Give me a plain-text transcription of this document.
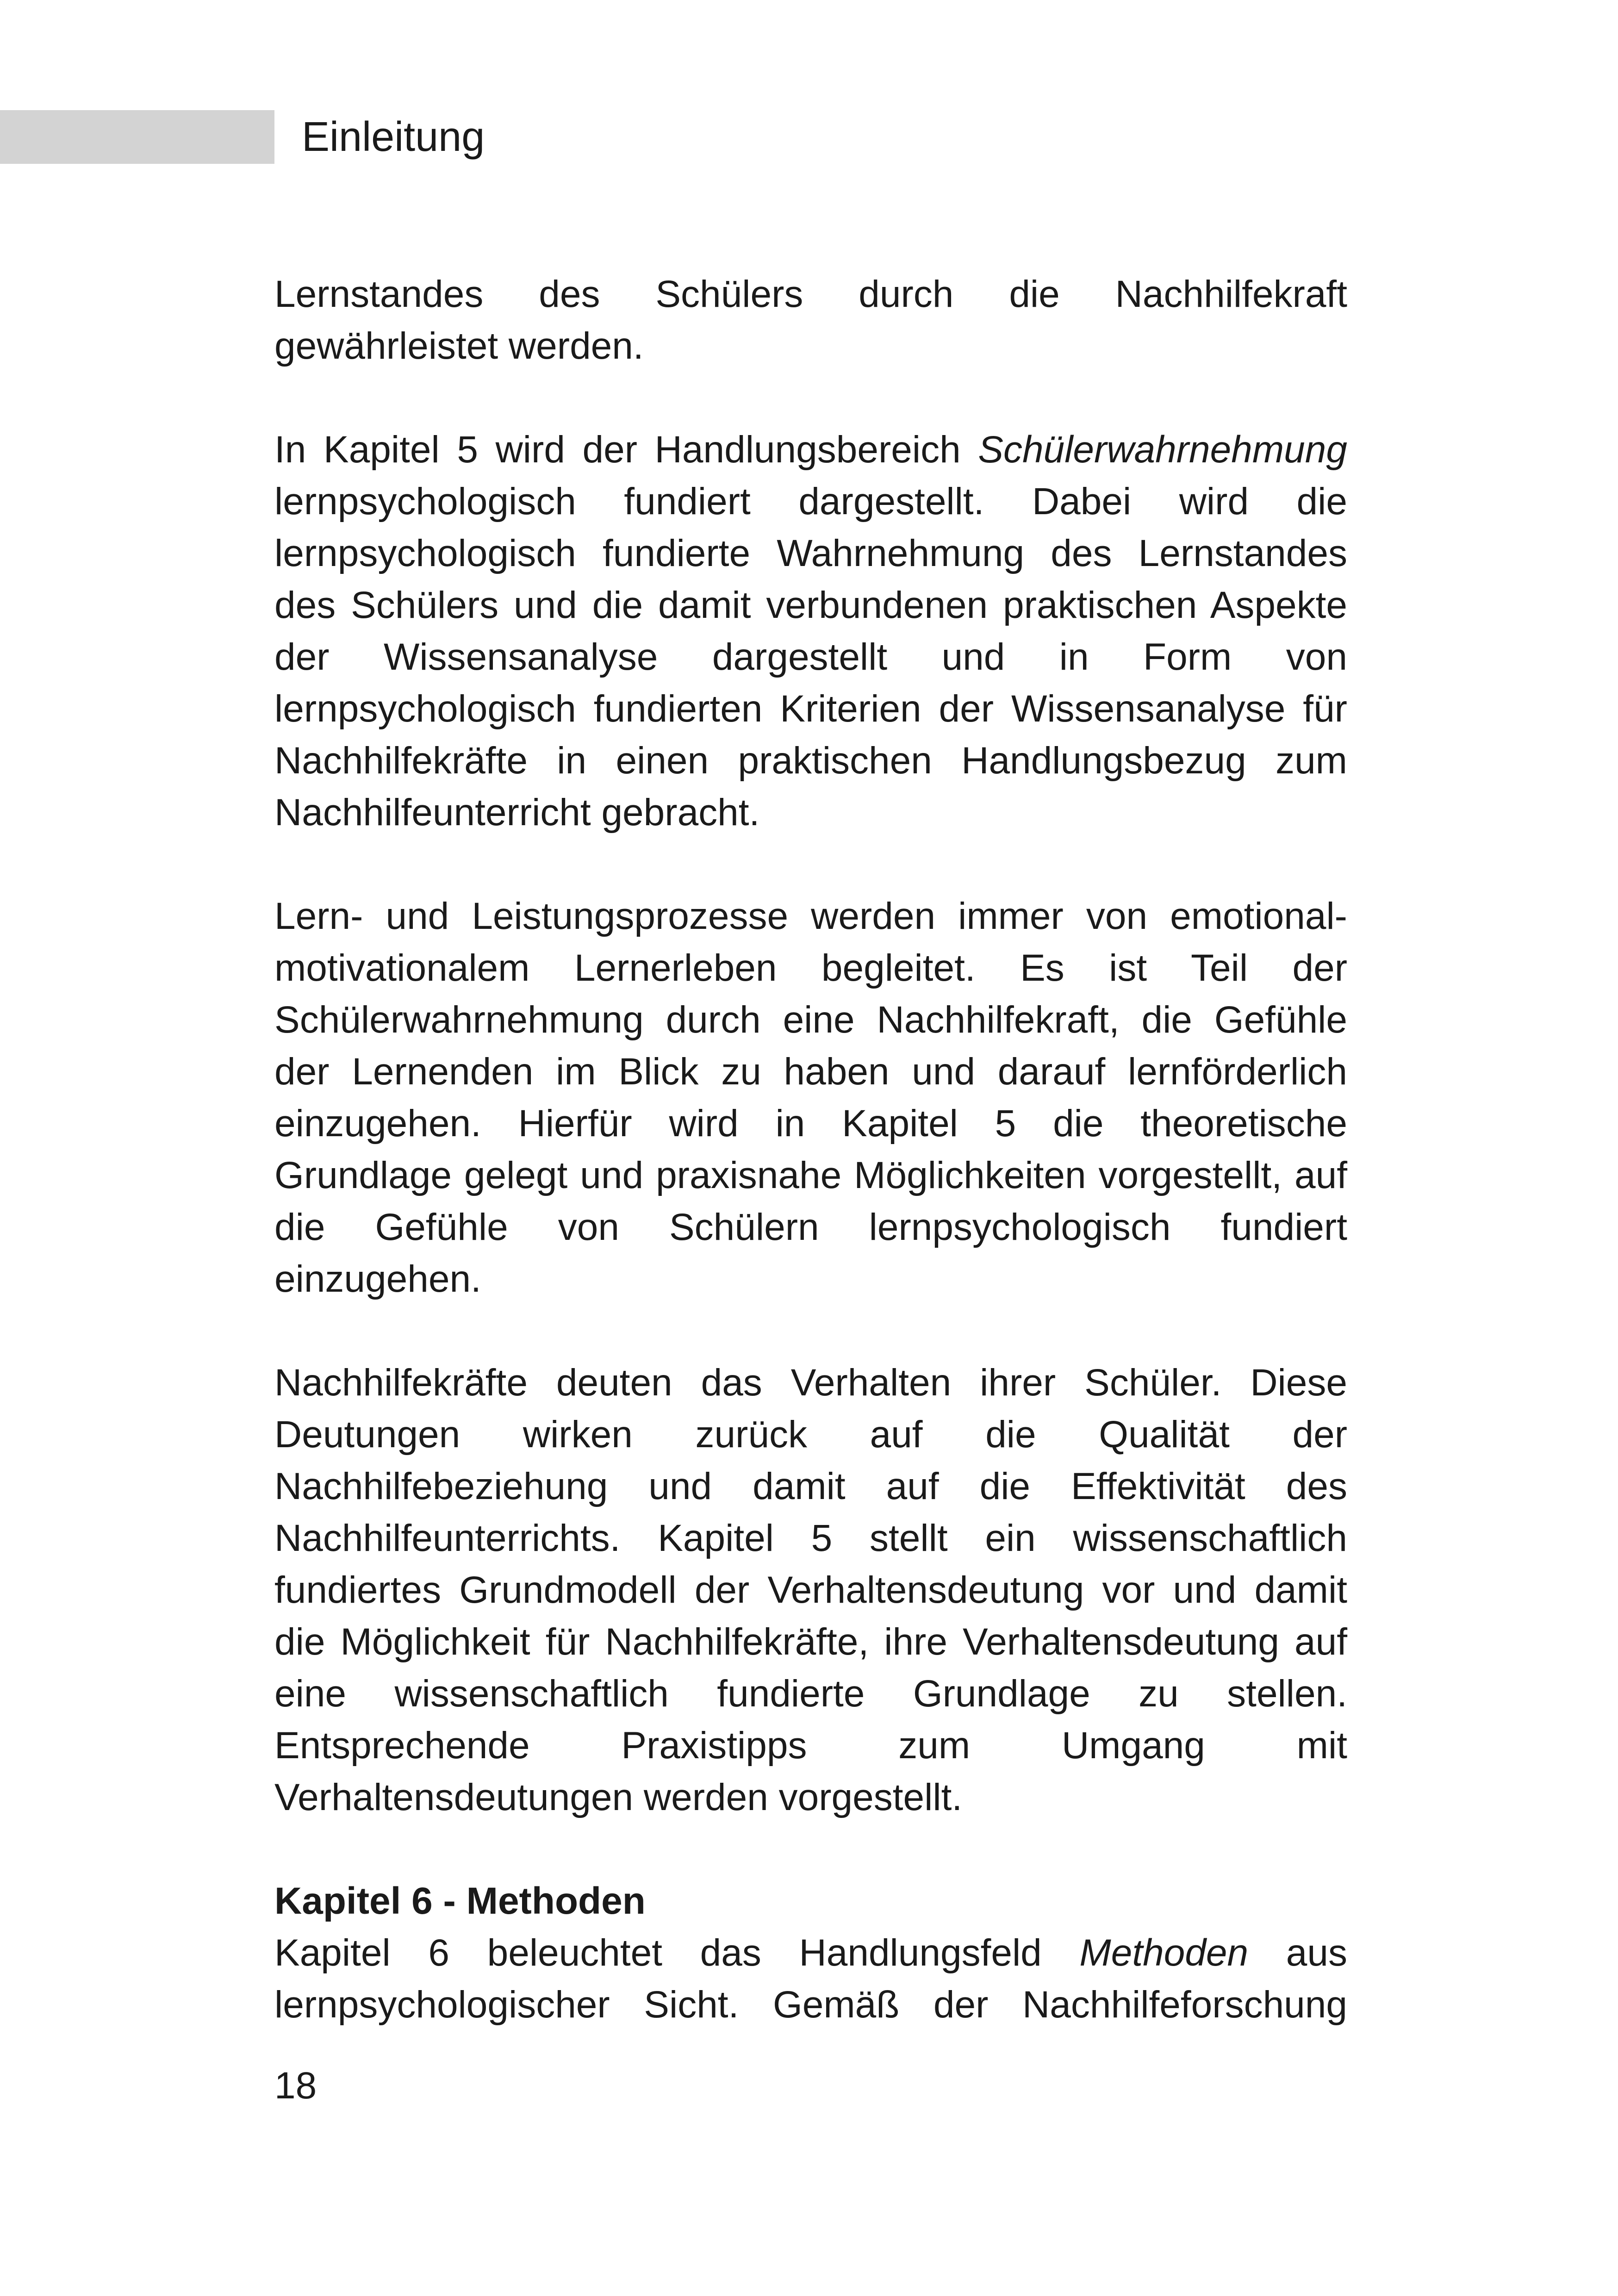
Einleitung

Lernstandes des Schülers durch die Nachhilfekraft gewährleistet werden.

In Kapitel 5 wird der Handlungsbereich Schülerwahrnehmung lernpsychologisch fundiert dargestellt. Dabei wird die lernpsychologisch fundierte Wahrnehmung des Lernstandes des Schülers und die damit verbundenen praktischen Aspekte der Wissensanalyse dargestellt und in Form von lernpsychologisch fundierten Kriterien der Wissensanalyse für Nachhilfekräfte in einen praktischen Handlungsbezug zum Nachhilfeunterricht gebracht.

Lern- und Leistungsprozesse werden immer von emotional-motivationalem Lernerleben begleitet. Es ist Teil der Schülerwahrnehmung durch eine Nachhilfekraft, die Gefühle der Lernenden im Blick zu haben und darauf lernförderlich einzugehen. Hierfür wird in Kapitel 5 die theoretische Grundlage gelegt und praxisnahe Möglichkeiten vorgestellt, auf die Gefühle von Schülern lernpsychologisch fundiert einzugehen.

Nachhilfekräfte deuten das Verhalten ihrer Schüler. Diese Deutungen wirken zurück auf die Qualität der Nachhilfebeziehung und damit auf die Effektivität des Nachhilfeunterrichts. Kapitel 5 stellt ein wissenschaftlich fundiertes Grundmodell der Verhaltensdeutung vor und damit die Möglichkeit für Nachhilfekräfte, ihre Verhaltensdeutung auf eine wissenschaftlich fundierte Grundlage zu stellen. Entsprechende Praxistipps zum Umgang mit Verhaltensdeutungen werden vorgestellt.

Kapitel 6 - Methoden

Kapitel 6 beleuchtet das Handlungsfeld Methoden aus lernpsychologischer Sicht. Gemäß der Nachhilfeforschung

18
